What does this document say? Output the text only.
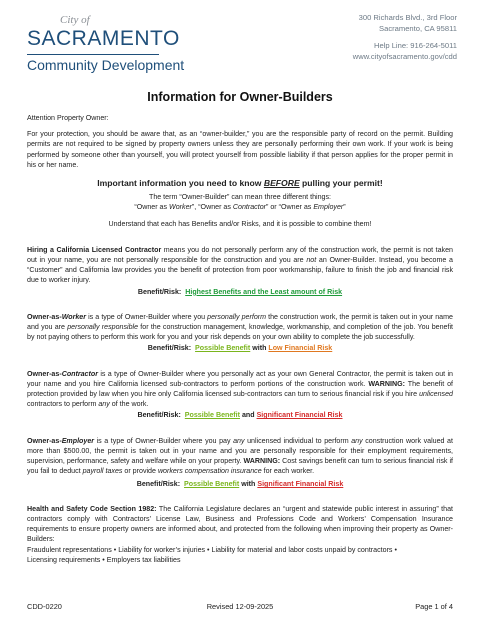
City of
SACRAMENTO
Community Development
300 Richards Blvd., 3rd Floor
Sacramento, CA 95811
Help Line: 916-264-5011
www.cityofsacramento.gov/cdd
Information for Owner-Builders

Attention Property Owner:

For your protection, you should be aware that, as an “owner-builder,” you are the responsible party of record on the permit. Building permits are not required to be signed by property owners unless they are personally performing their own work. If your work is being performed by someone other than yourself, you will protect yourself from possible liability if that person applies for the proper permit in his or her name.

Important information you need to know BEFORE pulling your permit!

The term “Owner-Builder” can mean three different things:

“Owner as Worker”, “Owner as Contractor” or “Owner as Employer”

Understand that each has Benefits and/or Risks, and it is possible to combine them!

Hiring a California Licensed Contractor means you do not personally perform any of the construction work, the permit is not taken out in your name, you are not personally responsible for the construction and you are not an Owner-Builder. Instead, you become a “Customer” and California law provides you the benefit of protection from poor workmanship, failure to finish the job and financial risk due to worker injury.

Benefit/Risk: Highest Benefits and the Least amount of Risk

Owner-as-Worker is a type of Owner-Builder where you personally perform the construction work, the permit is taken out in your name and you are personally responsible for the construction management, knowledge, workmanship, and completion of the job. You benefit by not paying others to perform this work for you and your risk depends on your own ability to complete the job successfully.

Benefit/Risk: Possible Benefit with Low Financial Risk

Owner-as-Contractor is a type of Owner-Builder where you personally act as your own General Contractor, the permit is taken out in your name and you hire California licensed sub-contractors to perform portions of the construction work. WARNING: The benefit of protection provided by law when you hire only California licensed sub-contractors can turn to serious financial risk if you hire unlicensed contractors to perform any of the work.

Benefit/Risk: Possible Benefit and Significant Financial Risk

Owner-as-Employer is a type of Owner-Builder where you pay any unlicensed individual to perform any construction work valued at more than $500.00, the permit is taken out in your name and you are personally responsible for their employment requirements, supervision, performance, safety and welfare while on your property. WARNING: Cost savings benefit can turn to serious financial risk if you fail to deduct payroll taxes or provide workers compensation insurance for each worker.

Benefit/Risk: Possible Benefit with Significant Financial Risk

Health and Safety Code Section 1982: The California Legislature declares an “urgent and statewide public interest in assuring” that contractors comply with Contractors’ License Law, Business and Professions Code and Workers’ Compensation Insurance requirements to ensure property owners are informed about, and protected from the following when improving their property as Owner-Builders:

Fraudulent representations • Liability for worker’s injuries • Liability for material and labor costs unpaid by contractors •

Licensing requirements • Employers tax liabilities

CDD-0220	Revised 12-09-2025	Page 1 of 4
